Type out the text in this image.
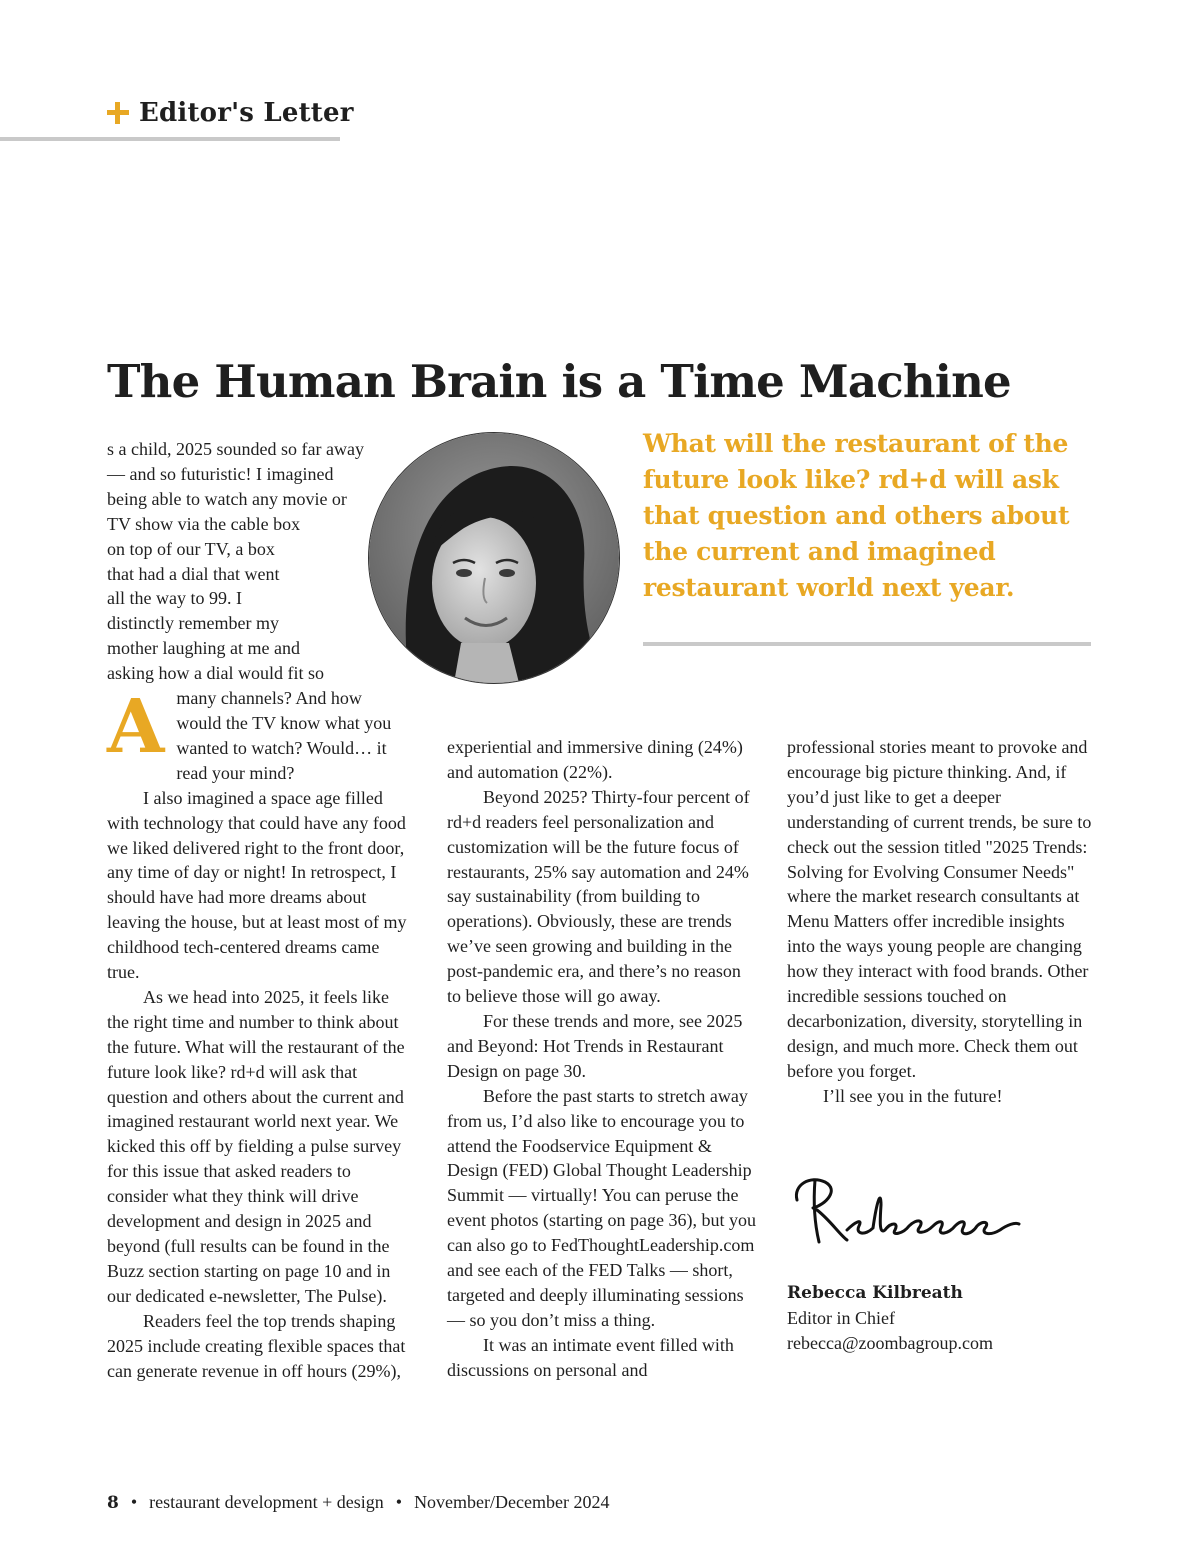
Editor's Letter
The Human Brain is a Time Machine

What will the restaurant of the future look like? rd+d will ask that question and others about the current and imagined restaurant world next year.

A
s a child, 2025 sounded so far away — and so futuristic! I imagined being able to watch any movie or TV show via the cable box on top of our TV, a box that had a dial that went all the way to 99. I distinctly remember my mother laughing at me and asking how a dial would fit so many channels? And how would the TV know what you wanted to watch? Would… it read your mind?

I also imagined a space age filled with technology that could have any food we liked delivered right to the front door, any time of day or night! In retrospect, I should have had more dreams about leaving the house, but at least most of my childhood tech-centered dreams came true.

As we head into 2025, it feels like the right time and number to think about the future. What will the restaurant of the future look like? rd+d will ask that question and others about the current and imagined restaurant world next year. We kicked this off by fielding a pulse survey for this issue that asked readers to consider what they think will drive development and design in 2025 and beyond (full results can be found in the Buzz section starting on page 10 and in our dedicated e-newsletter, The Pulse).

Readers feel the top trends shaping 2025 include creating flexible spaces that can generate revenue in off hours (29%),

experiential and immersive dining (24%) and automation (22%).

Beyond 2025? Thirty-four percent of rd+d readers feel personalization and customization will be the future focus of restaurants, 25% say automation and 24% say sustainability (from building to operations). Obviously, these are trends we’ve seen growing and building in the post-pandemic era, and there’s no reason to believe those will go away.

For these trends and more, see 2025 and Beyond: Hot Trends in Restaurant Design on page 30.

Before the past starts to stretch away from us, I’d also like to encourage you to attend the Foodservice Equipment & Design (FED) Global Thought Leadership Summit — virtually! You can peruse the event photos (starting on page 36), but you can also go to FedThoughtLeadership.com and see each of the FED Talks — short, targeted and deeply illuminating sessions — so you don’t miss a thing.

It was an intimate event filled with discussions on personal and

professional stories meant to provoke and encourage big picture thinking. And, if you’d just like to get a deeper understanding of current trends, be sure to check out the session titled "2025 Trends: Solving for Evolving Consumer Needs" where the market research consultants at Menu Matters offer incredible insights into the ways young people are changing how they interact with food brands. Other incredible sessions touched on decarbonization, diversity, storytelling in design, and much more. Check them out before you forget.

I’ll see you in the future!

Rebecca Kilbreath
Editor in Chief
rebecca@zoombagroup.com
8 • restaurant development + design • November/December 2024
